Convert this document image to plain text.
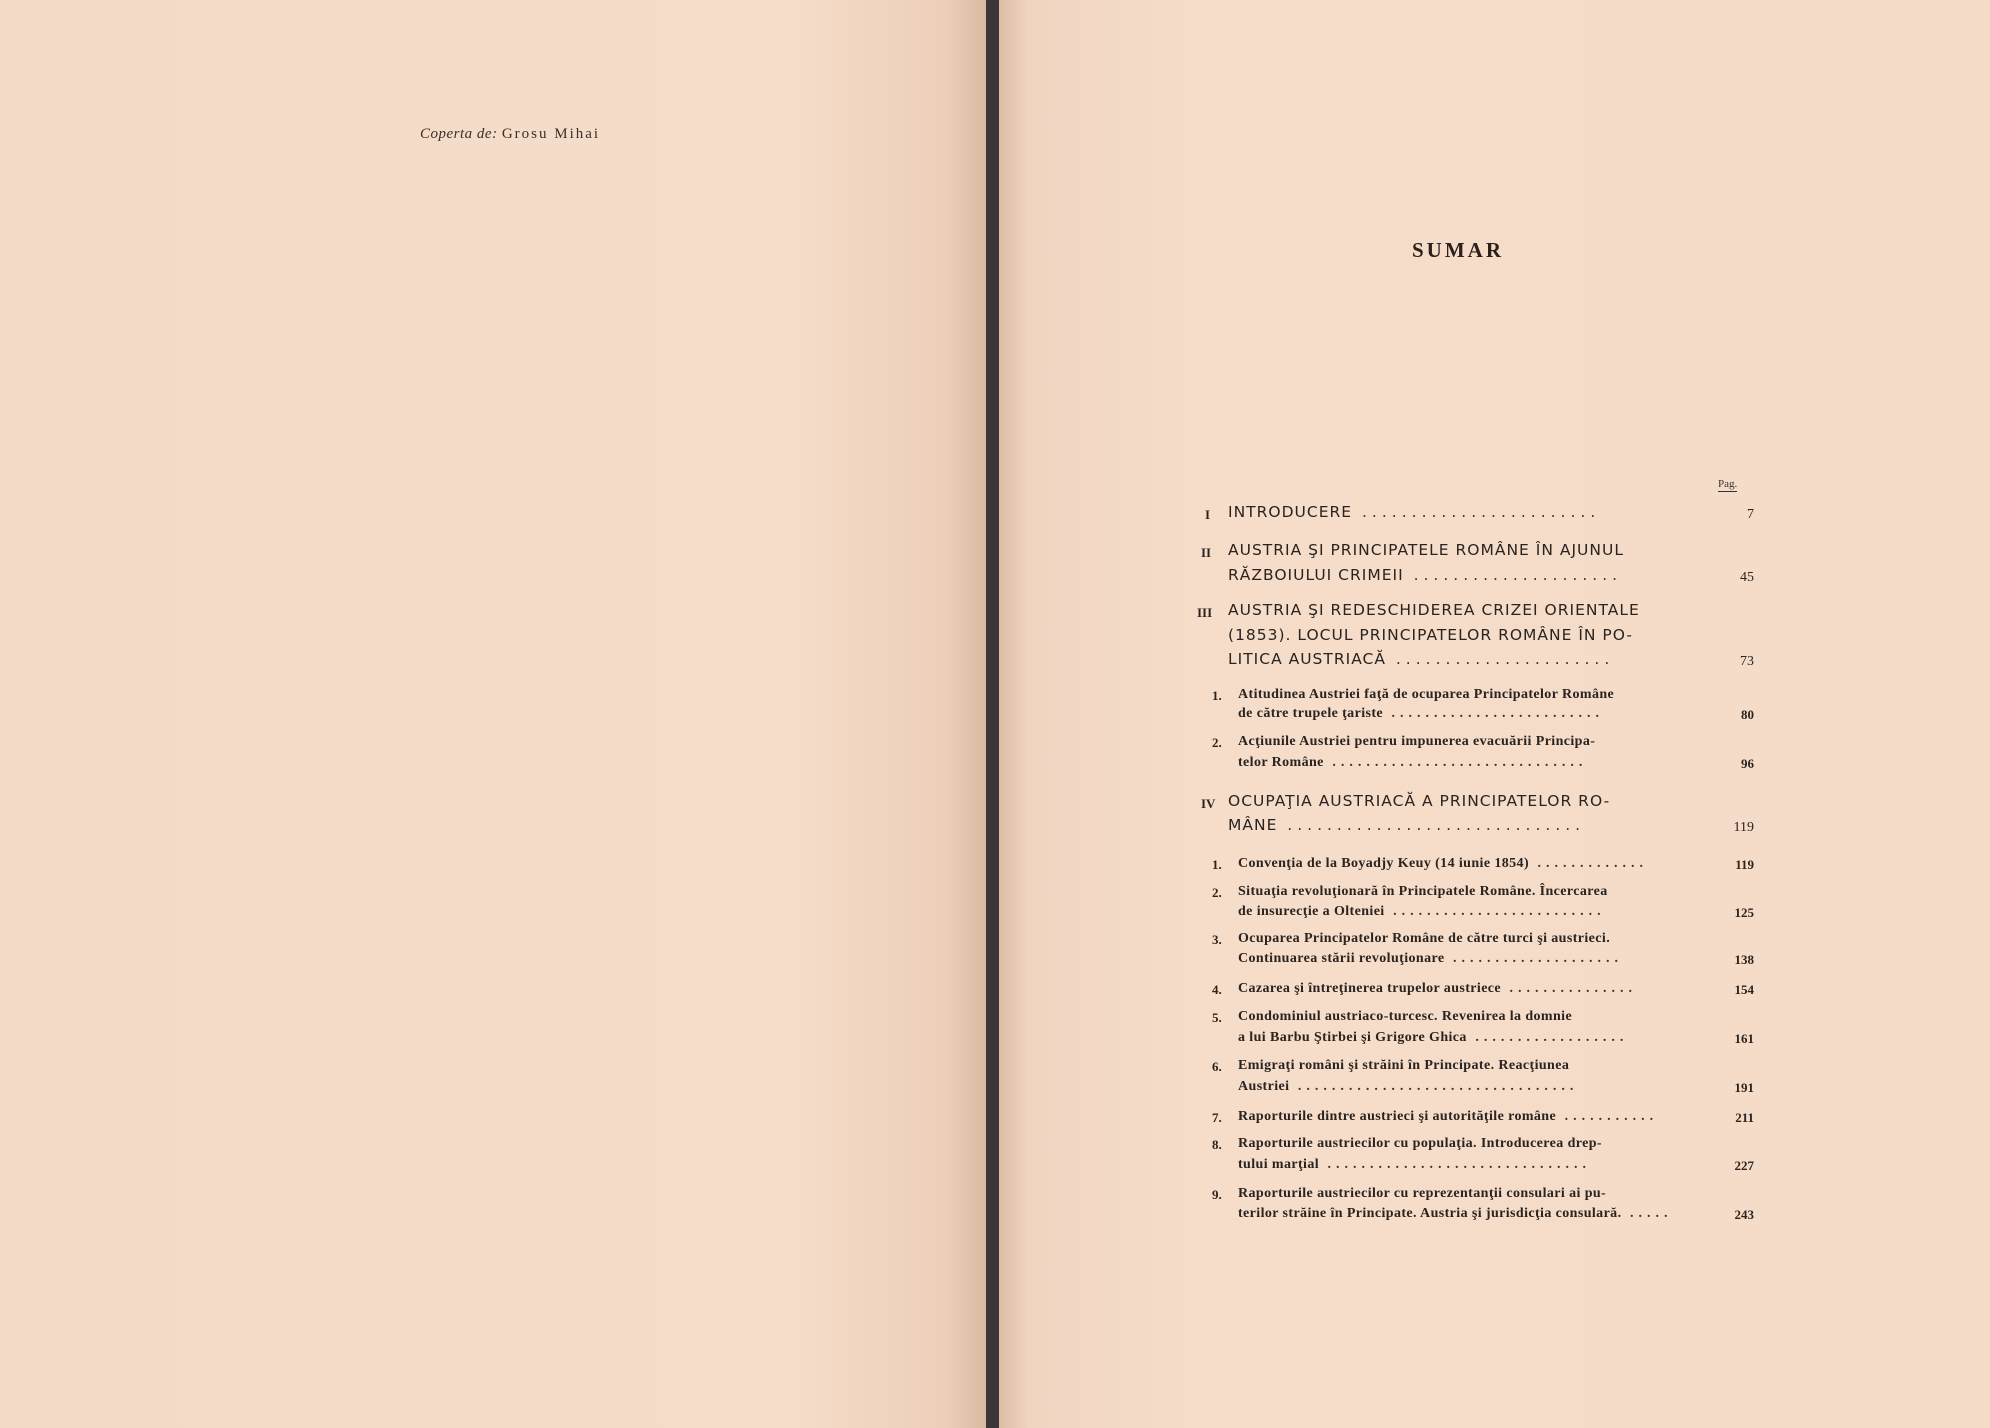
Coperta de: Grosu Mihai
SUMAR
Pag.
I INTRODUCERE ........................	7
II AUSTRIA ŞI PRINCIPATELE ROMÂNE ÎN AJUNUL
RĂZBOIULUI CRIMEII .....................	45
III AUSTRIA ŞI REDESCHIDEREA CRIZEI ORIENTALE
(1853). LOCUL PRINCIPATELOR ROMÂNE ÎN PO-
LITICA AUSTRIACĂ ......................	73
1. Atitudinea Austriei faţă de ocuparea Principatelor Române
de către trupele ţariste .........................	80
2. Acţiunile Austriei pentru impunerea evacuării Principa-
telor Române ..............................	96
IV OCUPAŢIA AUSTRIACĂ A PRINCIPATELOR RO-
MÂNE ..............................	119
1. Convenţia de la Boyadjy Keuy (14 iunie 1854) .............	119
2. Situaţia revoluţionară în Principatele Române. Încercarea
de insurecţie a Olteniei .........................	125
3. Ocuparea Principatelor Române de către turci şi austrieci.
Continuarea stării revoluţionare ....................	138
4. Cazarea şi întreţinerea trupelor austriece ...............	154
5. Condominiul austriaco-turcesc. Revenirea la domnie
a lui Barbu Ştirbei şi Grigore Ghica ..................	161
6. Emigraţi români şi străini în Principate. Reacţiunea
Austriei .................................	191
7. Raporturile dintre austrieci şi autorităţile române ...........	211
8. Raporturile austriecilor cu populaţia. Introducerea drep-
tului marţial ...............................	227
9. Raporturile austriecilor cu reprezentanţii consulari ai pu-
terilor străine în Principate. Austria şi jurisdicţia consulară. .....	243
